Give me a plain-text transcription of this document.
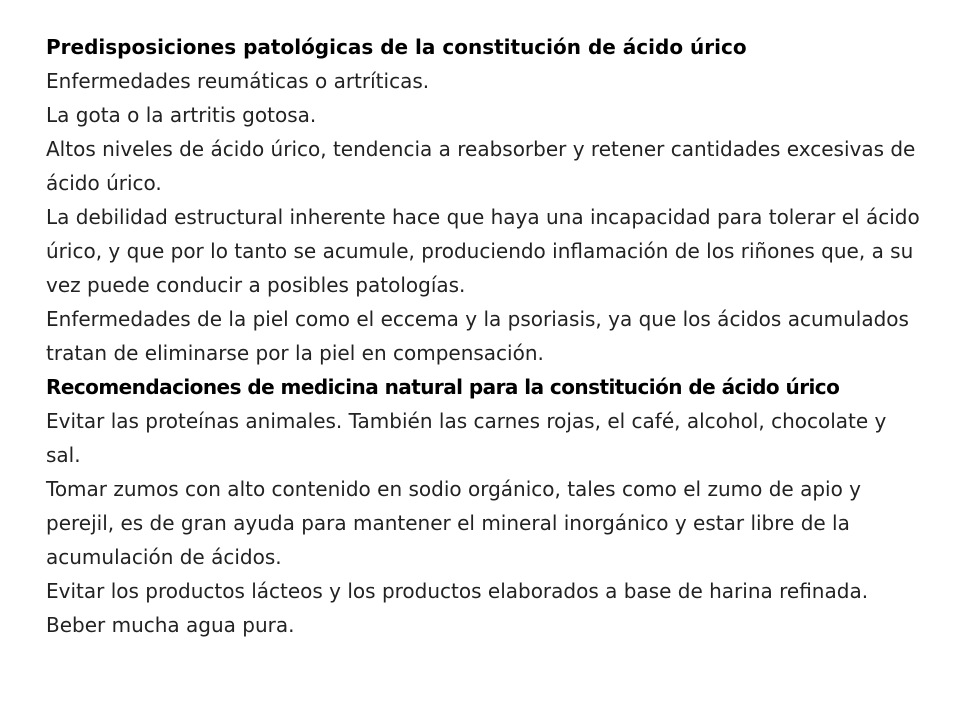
Predisposiciones patológicas de la constitución de ácido úrico

Enfermedades reumáticas o artríticas.

La gota o la artritis gotosa.

Altos niveles de ácido úrico, tendencia a reabsorber y retener cantidades excesivas de ácido úrico.

La debilidad estructural inherente hace que haya una incapacidad para tolerar el ácido úrico, y que por lo tanto se acumule, produciendo inflamación de los riñones que, a su vez puede conducir a posibles patologías.

Enfermedades de la piel como el eccema y la psoriasis, ya que los ácidos acumulados tratan de eliminarse por la piel en compensación.

Recomendaciones de medicina natural para la constitución de ácido úrico

Evitar las proteínas animales. También las carnes rojas, el café, alcohol, chocolate y sal.

Tomar zumos con alto contenido en sodio orgánico, tales como el zumo de apio y perejil, es de gran ayuda para mantener el mineral inorgánico y estar libre de la acumulación de ácidos.

Evitar los productos lácteos y los productos elaborados a base de harina refinada. Beber mucha agua pura.
